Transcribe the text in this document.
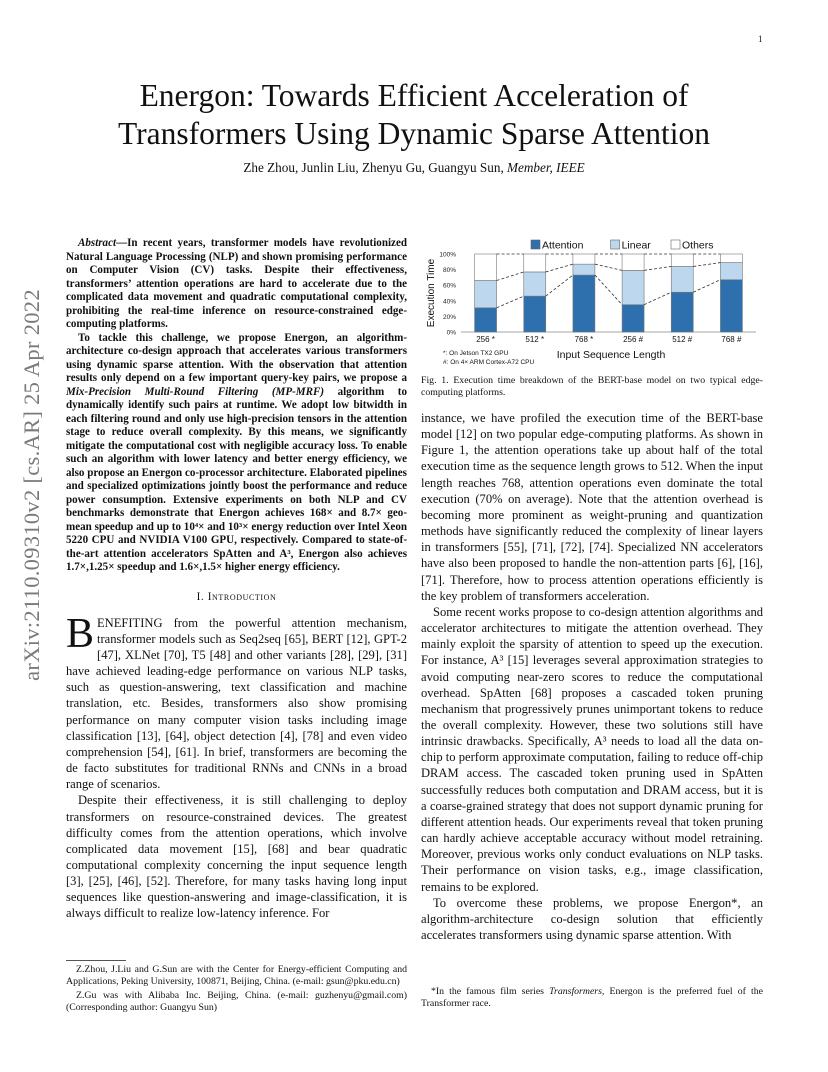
1
arXiv:2110.09310v2 [cs.AR] 25 Apr 2022
Energon: Towards Efficient Acceleration of
Transformers Using Dynamic Sparse Attention
Zhe Zhou, Junlin Liu, Zhenyu Gu, Guangyu Sun, Member, IEEE

Abstract—In recent years, transformer models have revolutionized Natural Language Processing (NLP) and shown promising performance on Computer Vision (CV) tasks. Despite their effectiveness, transformers’ attention operations are hard to accelerate due to the complicated data movement and quadratic computational complexity, prohibiting the real-time inference on resource-constrained edge-computing platforms.

To tackle this challenge, we propose Energon, an algorithm-architecture co-design approach that accelerates various transformers using dynamic sparse attention. With the observation that attention results only depend on a few important query-key pairs, we propose a Mix-Precision Multi-Round Filtering (MP-MRF) algorithm to dynamically identify such pairs at runtime. We adopt low bitwidth in each filtering round and only use high-precision tensors in the attention stage to reduce overall complexity. By this means, we significantly mitigate the computational cost with negligible accuracy loss. To enable such an algorithm with lower latency and better energy efficiency, we also propose an Energon co-processor architecture. Elaborated pipelines and specialized optimizations jointly boost the performance and reduce power consumption. Extensive experiments on both NLP and CV benchmarks demonstrate that Energon achieves 168× and 8.7× geo-mean speedup and up to 10⁴× and 10³× energy reduction over Intel Xeon 5220 CPU and NVIDIA V100 GPU, respectively. Compared to state-of-the-art attention accelerators SpAtten and A³, Energon also achieves 1.7×,1.25× speedup and 1.6×,1.5× higher energy efficiency.

I. Introduction

BENEFITING from the powerful attention mechanism, transformer models such as Seq2seq [65], BERT [12], GPT-2 [47], XLNet [70], T5 [48] and other variants [28], [29], [31] have achieved leading-edge performance on various NLP tasks, such as question-answering, text classification and machine translation, etc. Besides, transformers also show promising performance on many computer vision tasks including image classification [13], [64], object detection [4], [78] and even video comprehension [54], [61]. In brief, transformers are becoming the de facto substitutes for traditional RNNs and CNNs in a broad range of scenarios.

Despite their effectiveness, it is still challenging to deploy transformers on resource-constrained devices. The greatest difficulty comes from the attention operations, which involve complicated data movement [15], [68] and bear quadratic computational complexity concerning the input sequence length [3], [25], [46], [52]. Therefore, for many tasks having long input sequences like question-answering and image-classification, it is always difficult to realize low-latency inference. For

Z.Zhou, J.Liu and G.Sun are with the Center for Energy-efficient Computing and Applications, Peking University, 100871, Beijing, China. (e-mail: gsun@pku.edu.cn)

Z.Gu was with Alibaba Inc. Beijing, China. (e-mail: guzhenyu@gmail.com) (Corresponding author: Guangyu Sun)

Attention	Linear	Others
0%
20%
40%
60%
80%
100%
256 *	512 *	768 *	256 #	512 #	768 #
Execution Time
Input Sequence Length
*: On Jetson TX2 GPU
#: On 4× ARM Cortex-A72 CPU
Fig. 1. Execution time breakdown of the BERT-base model on two typical edge-computing platforms.

instance, we have profiled the execution time of the BERT-base model [12] on two popular edge-computing platforms. As shown in Figure 1, the attention operations take up about half of the total execution time as the sequence length grows to 512. When the input length reaches 768, attention operations even dominate the total execution (70% on average). Note that the attention overhead is becoming more prominent as weight-pruning and quantization methods have significantly reduced the complexity of linear layers in transformers [55], [71], [72], [74]. Specialized NN accelerators have also been proposed to handle the non-attention parts [6], [16], [71]. Therefore, how to process attention operations efficiently is the key problem of transformers acceleration.

Some recent works propose to co-design attention algorithms and accelerator architectures to mitigate the attention overhead. They mainly exploit the sparsity of attention to speed up the execution. For instance, A³ [15] leverages several approximation strategies to avoid computing near-zero scores to reduce the computational overhead. SpAtten [68] proposes a cascaded token pruning mechanism that progressively prunes unimportant tokens to reduce the overall complexity. However, these two solutions still have intrinsic drawbacks. Specifically, A³ needs to load all the data on-chip to perform approximate computation, failing to reduce off-chip DRAM access. The cascaded token pruning used in SpAtten successfully reduces both computation and DRAM access, but it is a coarse-grained strategy that does not support dynamic pruning for different attention heads. Our experiments reveal that token pruning can hardly achieve acceptable accuracy without model retraining. Moreover, previous works only conduct evaluations on NLP tasks. Their performance on vision tasks, e.g., image classification, remains to be explored.

To overcome these problems, we propose Energon*, an algorithm-architecture co-design solution that efficiently accelerates transformers using dynamic sparse attention. With

*In the famous film series Transformers, Energon is the preferred fuel of the Transformer race.
